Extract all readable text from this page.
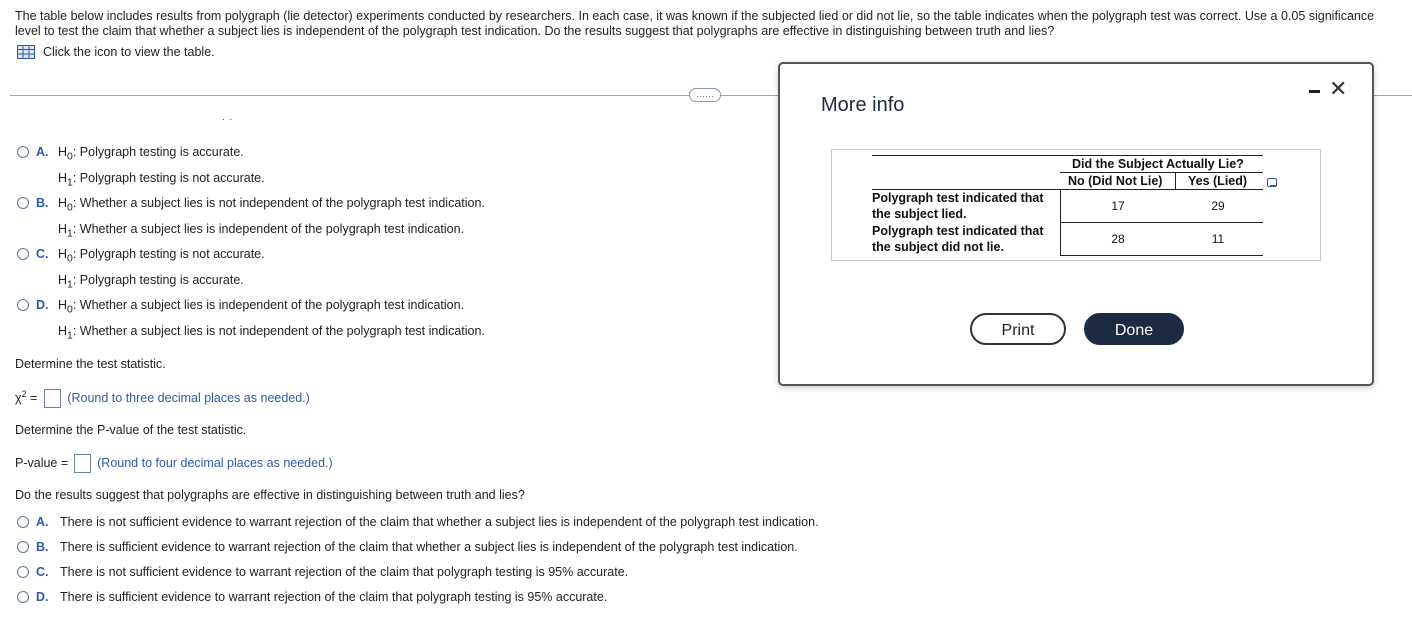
The table below includes results from polygraph (lie detector) experiments conducted by researchers. In each case, it was known if the subjected lied or did not lie, so the table indicates when the polygraph test was correct. Use a 0.05 significance level to test the claim that whether a subject lies is independent of the polygraph test indication. Do the results suggest that polygraphs are effective in distinguishing between truth and lies?
Click the icon to view the table.
……
. .
A. $H_0$: Polygraph testing is accurate.
$H_1$: Polygraph testing is not accurate.
B. $H_0$: Whether a subject lies is not independent of the polygraph test indication.
$H_1$: Whether a subject lies is independent of the polygraph test indication.
C. $H_0$: Polygraph testing is not accurate.
$H_1$: Polygraph testing is accurate.
D. $H_0$: Whether a subject lies is independent of the polygraph test indication.
$H_1$: Whether a subject lies is not independent of the polygraph test indication.
Determine the test statistic.
$\chi^2$ = (Round to three decimal places as needed.)
Determine the P-value of the test statistic.
P-value = (Round to four decimal places as needed.)
Do the results suggest that polygraphs are effective in distinguishing between truth and lies?
A. There is not sufficient evidence to warrant rejection of the claim that whether a subject lies is independent of the polygraph test indication.
B. There is sufficient evidence to warrant rejection of the claim that whether a subject lies is independent of the polygraph test indication.
C. There is not sufficient evidence to warrant rejection of the claim that polygraph testing is 95% accurate.
D. There is sufficient evidence to warrant rejection of the claim that polygraph testing is 95% accurate.
More info
✕
Did the Subject Actually Lie?
No (Did Not Lie) Yes (Lied)
Polygraph test indicated that
the subject lied.
17	29
Polygraph test indicated that
the subject did not lie.
28	11
Print	Done
